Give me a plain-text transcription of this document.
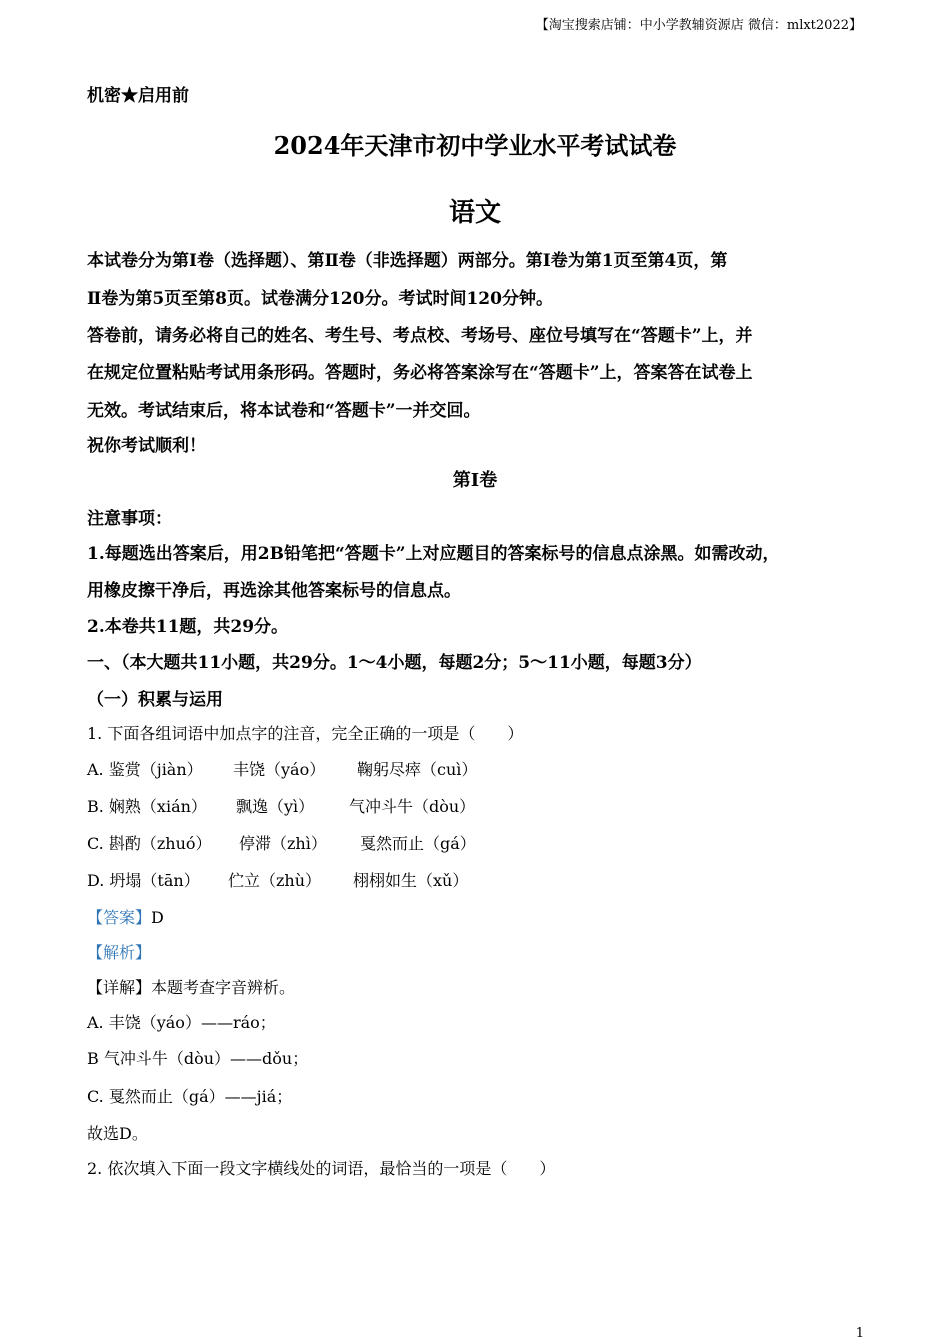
【淘宝搜索店铺：中小学教辅资源店 微信：mlxt2022】
机密★启用前
2024年天津市初中学业水平考试试卷
语文
本试卷分为第Ⅰ卷（选择题）、第Ⅱ卷（非选择题）两部分。第Ⅰ卷为第1页至第4页，第
Ⅱ卷为第5页至第8页。试卷满分120分。考试时间120分钟。
答卷前，请务必将自己的姓名、考生号、考点校、考场号、座位号填写在“答题卡”上，并
在规定位置粘贴考试用条形码。答题时，务必将答案涂写在“答题卡”上，答案答在试卷上
无效。考试结束后，将本试卷和“答题卡”一并交回。
祝你考试顺利！
第Ⅰ卷
注意事项：
1.每题选出答案后，用2B铅笔把“答题卡”上对应题目的答案标号的信息点涂黑。如需改动，
用橡皮擦干净后，再选涂其他答案标号的信息点。
2.本卷共11题，共29分。
一、（本大题共11小题，共29分。1～4小题，每题2分；5～11小题，每题3分）
（一）积累与运用
1. 下面各组词语中加点字的注音，完全正确的一项是（　　）
A. 鉴赏（jiàn） 丰饶（yáo） 鞠躬尽瘁（cuì）
B. 娴熟（xián） 飘逸（yì） 气冲斗牛（dòu）
C. 斟酌（zhuó） 停滞（zhì） 戛然而止（gá）
D. 坍塌（tān） 伫立（zhù） 栩栩如生（xǔ）
【答案】D
【解析】
【详解】本题考查字音辨析。
A. 丰饶（yáo）——ráo；
B 气冲斗牛（dòu）——dǒu；
C. 戛然而止（gá）——jiá；
故选D。
2. 依次填入下面一段文字横线处的词语，最恰当的一项是（　　）
1
